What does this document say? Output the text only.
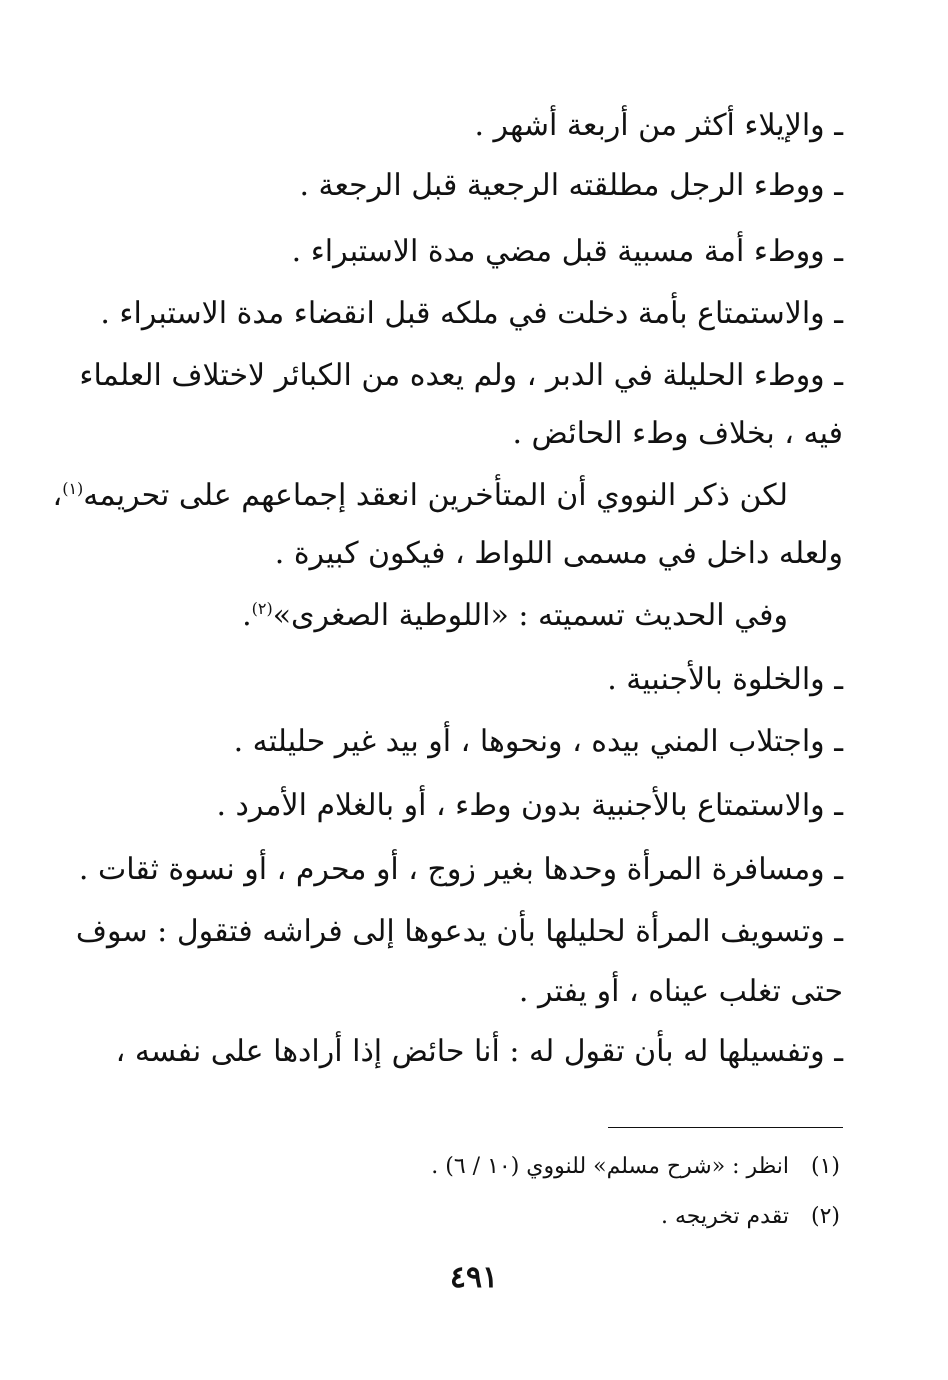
ـ والإيلاء أكثر من أربعة أشهر .
ـ ووطء الرجل مطلقته الرجعية قبل الرجعة .
ـ ووطء أمة مسبية قبل مضي مدة الاستبراء .
ـ والاستمتاع بأمة دخلت في ملكه قبل انقضاء مدة الاستبراء .
ـ ووطء الحليلة في الدبر ، ولم يعده من الكبائر لاختلاف العلماء
فيه ، بخلاف وطء الحائض .
لكن ذكر النووي أن المتأخرين انعقد إجماعهم على تحريمه$^{(١)}$،
ولعله داخل في مسمى اللواط ، فيكون كبيرة .
وفي الحديث تسميته : «اللوطية الصغرى»$^{(٢)}$.
ـ والخلوة بالأجنبية .
ـ واجتلاب المني بيده ، ونحوها ، أو بيد غير حليلته .
ـ والاستمتاع بالأجنبية بدون وطء ، أو بالغلام الأمرد .
ـ ومسافرة المرأة وحدها بغير زوج ، أو محرم ، أو نسوة ثقات .
ـ وتسويف المرأة لحليلها بأن يدعوها إلى فراشه فتقول : سوف
حتى تغلب عيناه ، أو يفتر .
ـ وتفسيلها له بأن تقول له : أنا حائض إذا أرادها على نفسه ،
(١)انظر : «شرح مسلم» للنووي (١٠ / ٦) .
(٢)تقدم تخريجه .
٤٩١
